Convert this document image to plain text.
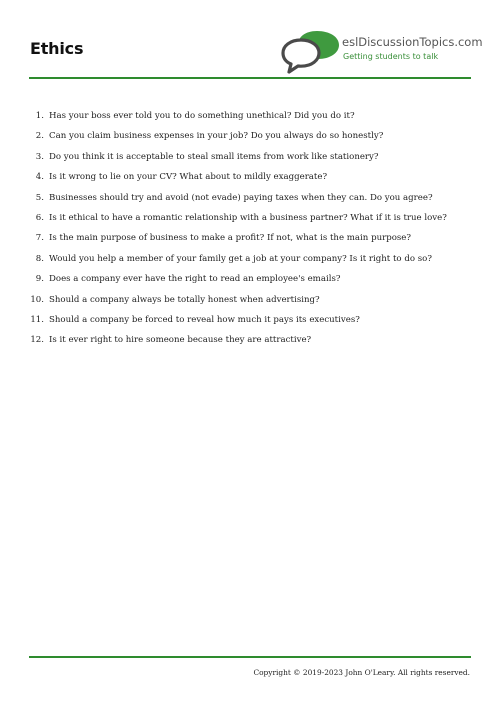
Ethics	eslDiscussionTopics.com
Getting students to talk
1. Has your boss ever told you to do something unethical? Did you do it?
2. Can you claim business expenses in your job? Do you always do so honestly?
3. Do you think it is acceptable to steal small items from work like stationery?
4. Is it wrong to lie on your CV? What about to mildly exaggerate?
5. Businesses should try and avoid (not evade) paying taxes when they can. Do you agree?
6. Is it ethical to have a romantic relationship with a business partner? What if it is true love?
7. Is the main purpose of business to make a profit? If not, what is the main purpose?
8. Would you help a member of your family get a job at your company? Is it right to do so?
9. Does a company ever have the right to read an employee's emails?
10. Should a company always be totally honest when advertising?
11. Should a company be forced to reveal how much it pays its executives?
12. Is it ever right to hire someone because they are attractive?
Copyright © 2019-2023 John O'Leary. All rights reserved.
